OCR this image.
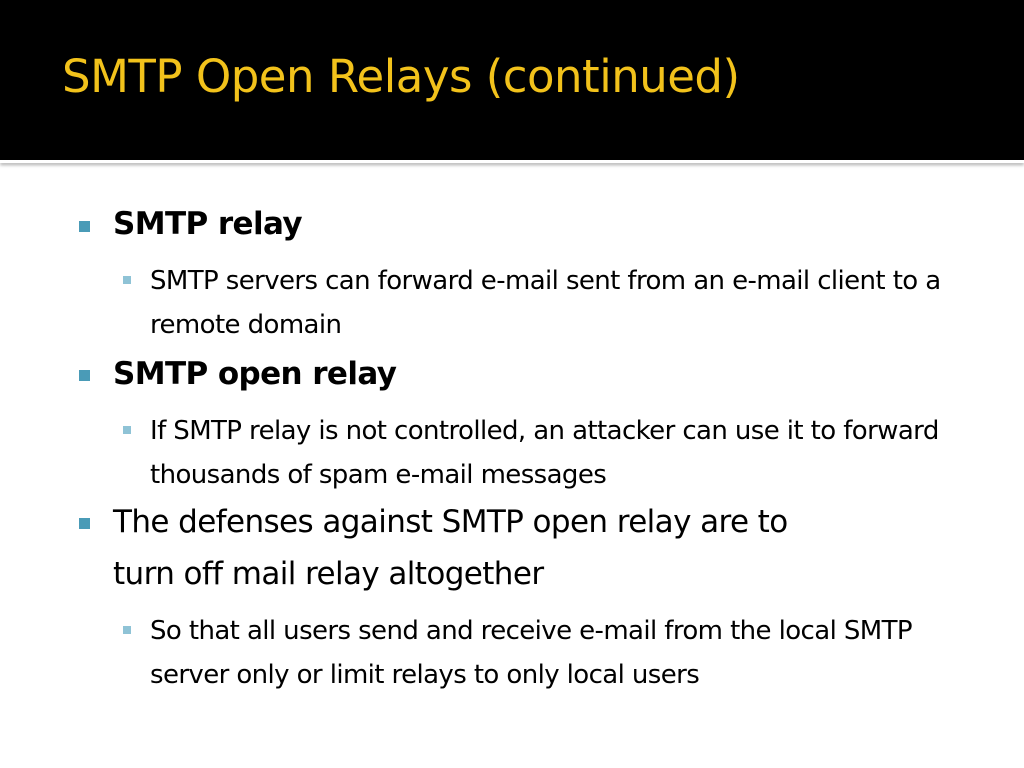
SMTP Open Relays (continued)

SMTP relay

SMTP servers can forward e-mail sent from an e-mail client to a remote domain

SMTP open relay

If SMTP relay is not controlled, an attacker can use it to forward thousands of spam e-mail messages

The defenses against SMTP open relay are to

turn off mail relay altogether

So that all users send and receive e-mail from the local SMTP server only or limit relays to only local users
